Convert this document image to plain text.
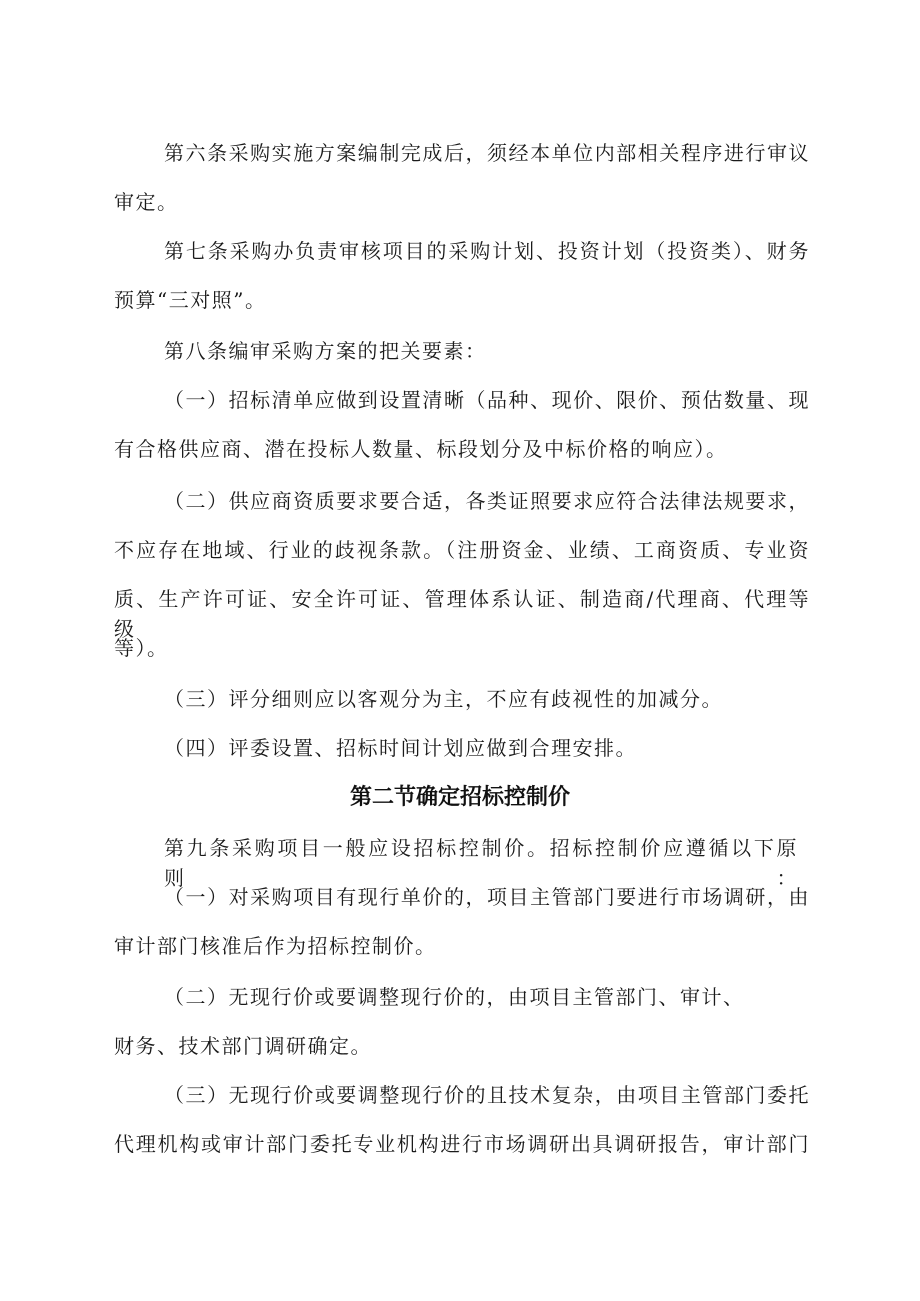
第六条采购实施方案编制完成后，须经本单位内部相关程序进行审议
审定。
第七条采购办负责审核项目的采购计划、投资计划（投资类）、财务
预算“三对照”。
第八条编审采购方案的把关要素：
（一）招标清单应做到设置清晰（品种、现价、限价、预估数量、现
有合格供应商、潜在投标人数量、标段划分及中标价格的响应）。
（二）供应商资质要求要合适，各类证照要求应符合法律法规要求，
不应存在地域、行业的歧视条款。（注册资金、业绩、工商资质、专业资
质、生产许可证、安全许可证、管理体系认证、制造商/代理商、代理等级
等）。
（三）评分细则应以客观分为主，不应有歧视性的加减分。
（四）评委设置、招标时间计划应做到合理安排。
第二节确定招标控制价
第九条采购项目一般应设招标控制价。招标控制价应遵循以下原则：
（一）对采购项目有现行单价的，项目主管部门要进行市场调研，由
审计部门核准后作为招标控制价。
（二）无现行价或要调整现行价的，由项目主管部门、审计、
财务、技术部门调研确定。
（三）无现行价或要调整现行价的且技术复杂，由项目主管部门委托
代理机构或审计部门委托专业机构进行市场调研出具调研报告，审计部门
